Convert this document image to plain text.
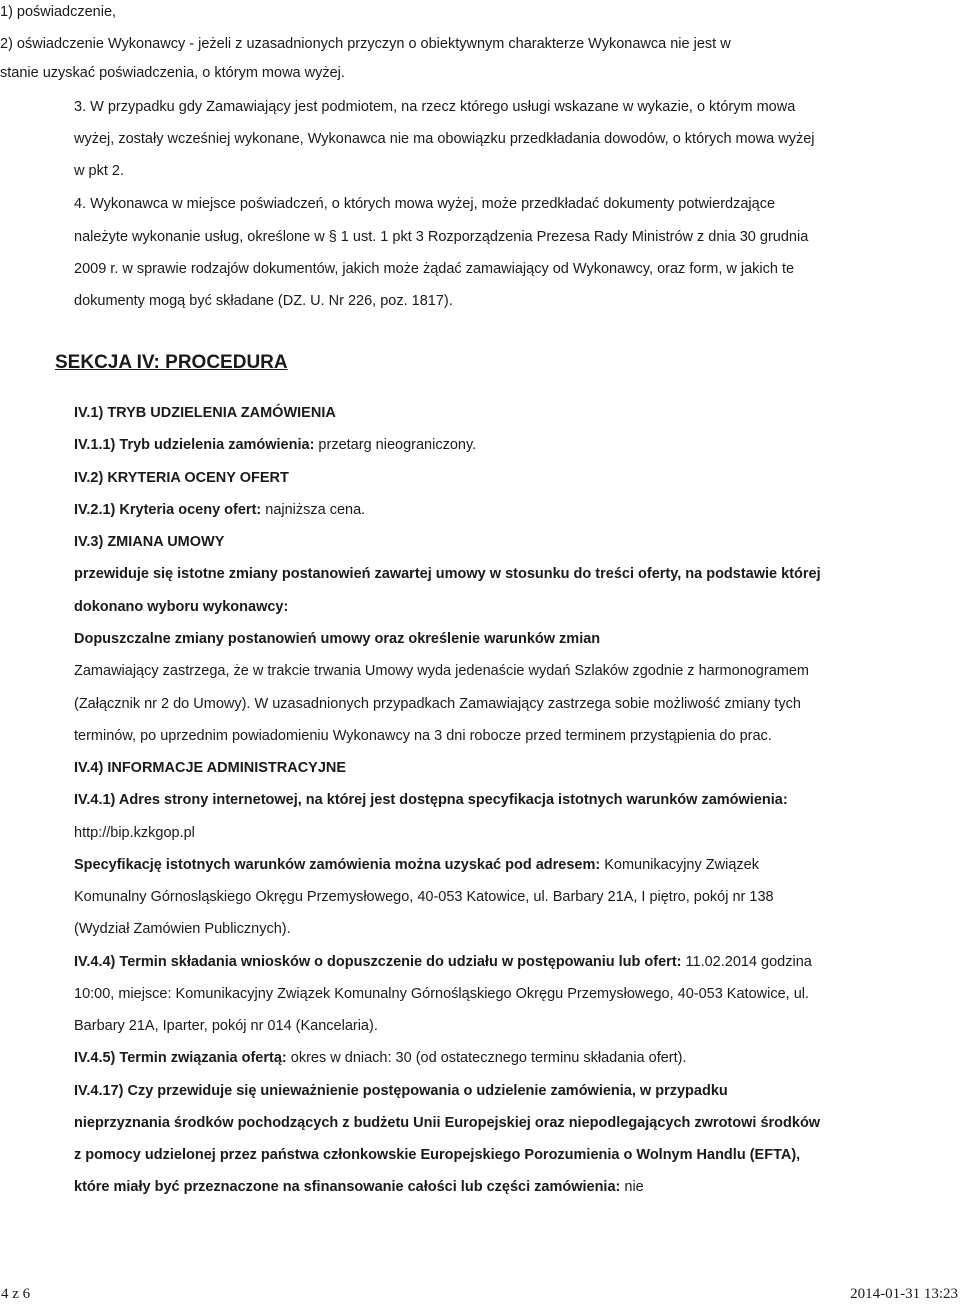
1) poświadczenie,
2) oświadczenie Wykonawcy - jeżeli z uzasadnionych przyczyn o obiektywnym charakterze Wykonawca nie jest w
stanie uzyskać poświadczenia, o którym mowa wyżej.
3. W przypadku gdy Zamawiający jest podmiotem, na rzecz którego usługi wskazane w wykazie, o którym mowa
wyżej, zostały wcześniej wykonane, Wykonawca nie ma obowiązku przedkładania dowodów, o których mowa wyżej
w pkt 2.
4. Wykonawca w miejsce poświadczeń, o których mowa wyżej, może przedkładać dokumenty potwierdzające
należyte wykonanie usług, określone w § 1 ust. 1 pkt 3 Rozporządzenia Prezesa Rady Ministrów z dnia 30 grudnia
2009 r. w sprawie rodzajów dokumentów, jakich może żądać zamawiający od Wykonawcy, oraz form, w jakich te
dokumenty mogą być składane (DZ. U. Nr 226, poz. 1817).
SEKCJA IV: PROCEDURA
IV.1) TRYB UDZIELENIA ZAMÓWIENIA
IV.1.1) Tryb udzielenia zamówienia: przetarg nieograniczony.
IV.2) KRYTERIA OCENY OFERT
IV.2.1) Kryteria oceny ofert: najniższa cena.
IV.3) ZMIANA UMOWY
przewiduje się istotne zmiany postanowień zawartej umowy w stosunku do treści oferty, na podstawie której
dokonano wyboru wykonawcy:
Dopuszczalne zmiany postanowień umowy oraz określenie warunków zmian
Zamawiający zastrzega, że w trakcie trwania Umowy wyda jedenaście wydań Szlaków zgodnie z harmonogramem
(Załącznik nr 2 do Umowy). W uzasadnionych przypadkach Zamawiający zastrzega sobie możliwość zmiany tych
terminów, po uprzednim powiadomieniu Wykonawcy na 3 dni robocze przed terminem przystąpienia do prac.
IV.4) INFORMACJE ADMINISTRACYJNE
IV.4.1) Adres strony internetowej, na której jest dostępna specyfikacja istotnych warunków zamówienia:
http://bip.kzkgop.pl
Specyfikację istotnych warunków zamówienia można uzyskać pod adresem: Komunikacyjny Związek
Komunalny Górnosląskiego Okręgu Przemysłowego, 40-053 Katowice, ul. Barbary 21A, I piętro, pokój nr 138
(Wydział Zamówien Publicznych).
IV.4.4) Termin składania wniosków o dopuszczenie do udziału w postępowaniu lub ofert: 11.02.2014 godzina
10:00, miejsce: Komunikacyjny Związek Komunalny Górnośląskiego Okręgu Przemysłowego, 40-053 Katowice, ul.
Barbary 21A, Iparter, pokój nr 014 (Kancelaria).
IV.4.5) Termin związania ofertą: okres w dniach: 30 (od ostatecznego terminu składania ofert).
IV.4.17) Czy przewiduje się unieważnienie postępowania o udzielenie zamówienia, w przypadku
nieprzyznania środków pochodzących z budżetu Unii Europejskiej oraz niepodlegających zwrotowi środków
z pomocy udzielonej przez państwa członkowskie Europejskiego Porozumienia o Wolnym Handlu (EFTA),
które miały być przeznaczone na sfinansowanie całości lub części zamówienia: nie
4 z 6	2014-01-31 13:23
